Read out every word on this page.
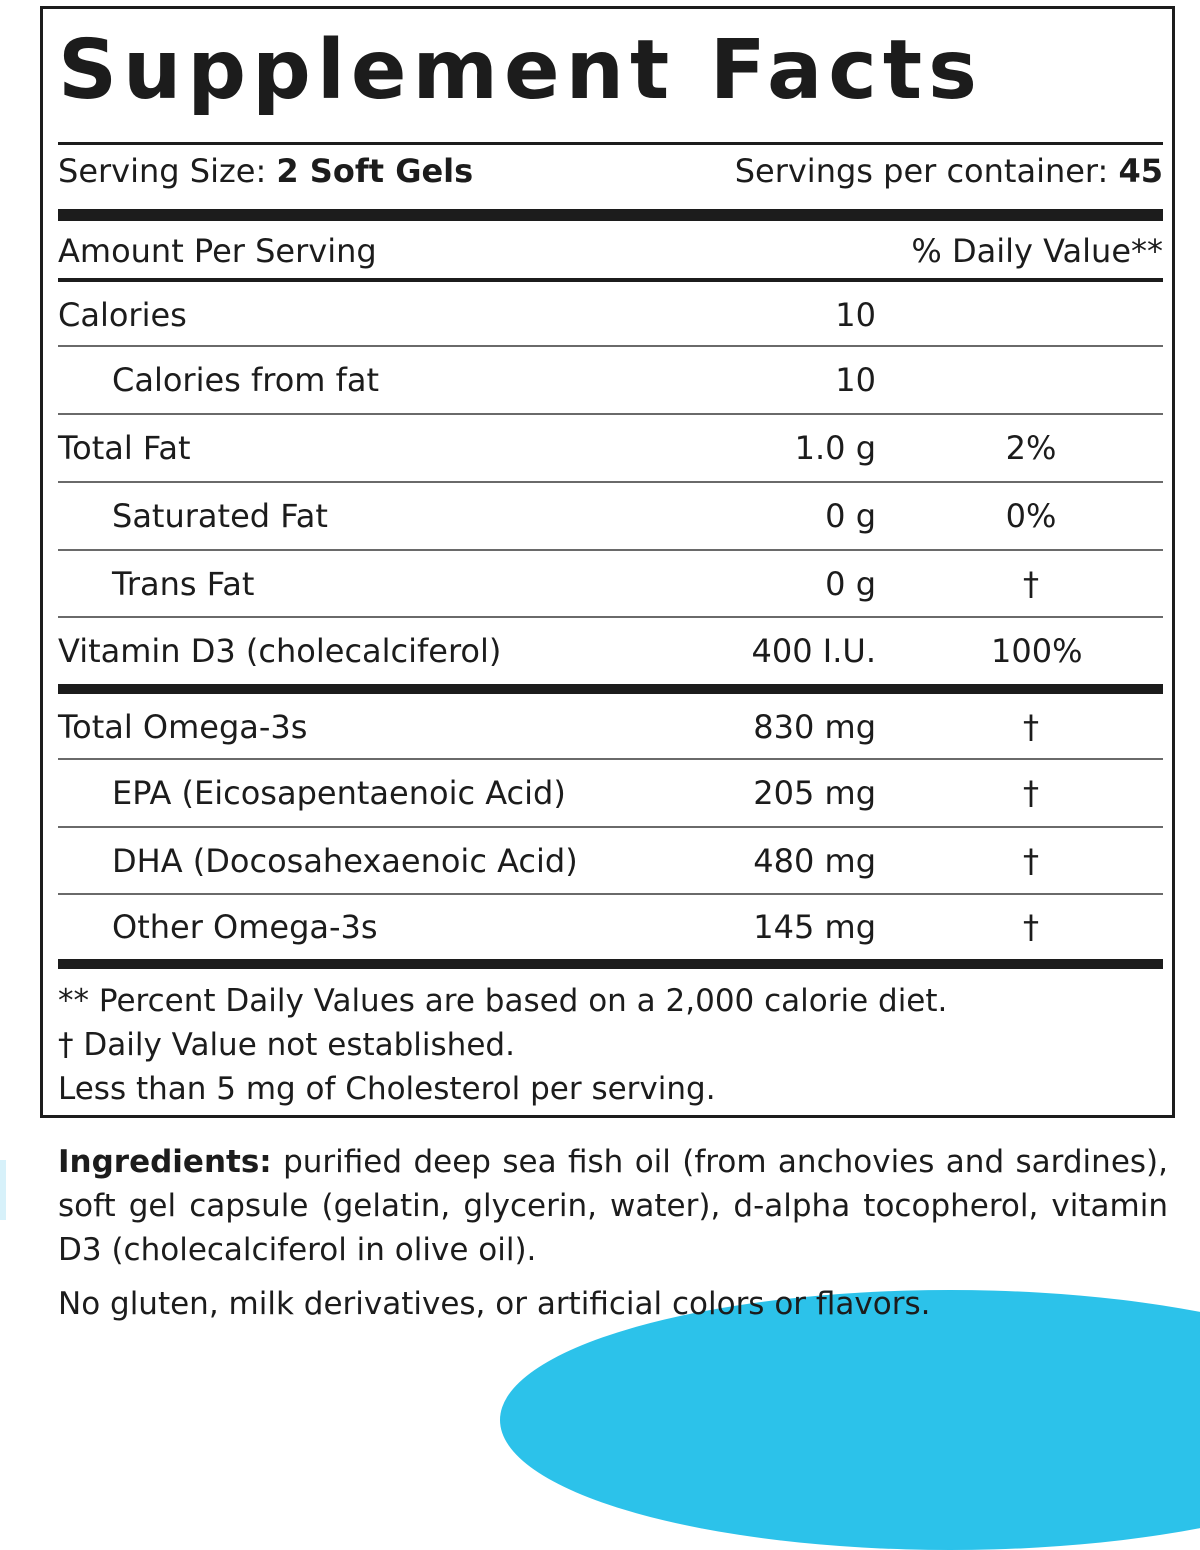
Supplement Facts
Serving Size: 2 Soft Gels	Servings per container: 45
Amount Per Serving	% Daily Value**
Calories	10
Calories from fat	10
Total Fat	1.0 g	2%
Saturated Fat	0 g	0%
Trans Fat	0 g	†
Vitamin D3 (cholecalciferol)	400 I.U.	100%
Total Omega-3s	830 mg	†
EPA (Eicosapentaenoic Acid)	205 mg	†
DHA (Docosahexaenoic Acid)	480 mg	†
Other Omega-3s	145 mg	†
** Percent Daily Values are based on a 2,000 calorie diet.
† Daily Value not established.
Less than 5 mg of Cholesterol per serving.
Ingredients: purified deep sea fish oil (from anchovies and sardines), soft gel capsule (gelatin, glycerin, water), d-alpha tocopherol, vitamin D3 (cholecalciferol in olive oil).
No gluten, milk derivatives, or artificial colors or flavors.
